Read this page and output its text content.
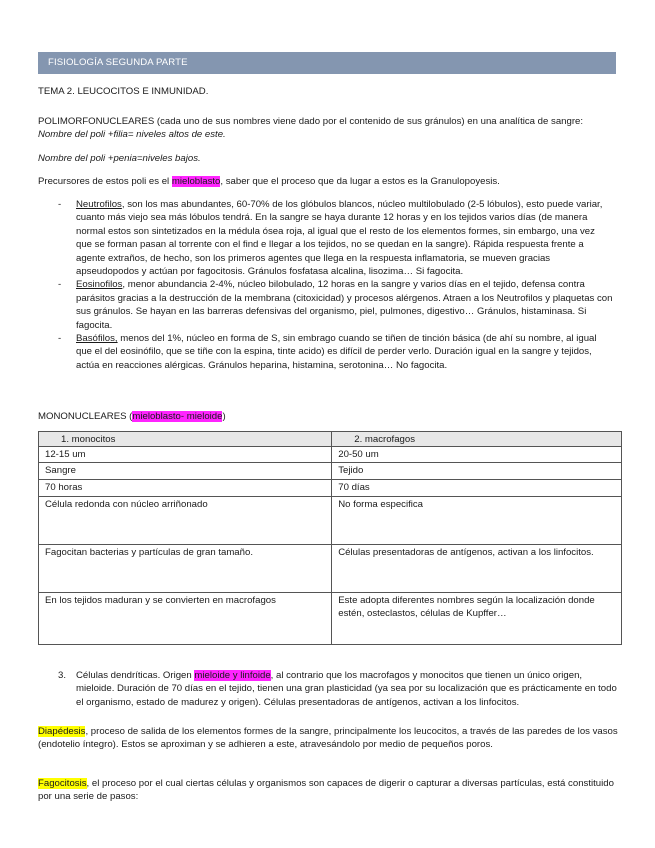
FISIOLOGÍA SEGUNDA PARTE
TEMA 2. LEUCOCITOS E INMUNIDAD.
POLIMORFONUCLEARES (cada uno de sus nombres viene dado por el contenido de sus gránulos) en una analítica de sangre:
Nombre del poli +filia= niveles altos de este.
Nombre del poli +penia=niveles bajos.
Precursores de estos poli es el mieloblasto, saber que el proceso que da lugar a estos es la Granulopoyesis.
- Neutrofilos, son los mas abundantes, 60-70% de los glóbulos blancos, núcleo multilobulado (2-5 lóbulos), esto puede variar, cuanto más viejo sea más lóbulos tendrá. En la sangre se haya durante 12 horas y en los tejidos varios días (de manera normal estos son sintetizados en la médula ósea roja, al igual que el resto de los elementos formes, sin embargo, una vez que se forman pasan al torrente con el find e llegar a los tejidos, no se quedan en la sangre). Rápida respuesta frente a agente extraños, de hecho, son los primeros agentes que llega en la respuesta inflamatoria, se mueven gracias apseudopodos y actúan por fagocitosis. Gránulos fosfatasa alcalina, lisozima… Si fagocita.
- Eosinofilos, menor abundancia 2-4%, núcleo bilobulado, 12 horas en la sangre y varios días en el tejido, defensa contra parásitos gracias a la destrucción de la membrana (citoxicidad) y procesos alérgenos. Atraen a los Neutrofilos y plaquetas con sus gránulos. Se hayan en las barreras defensivas del organismo, piel, pulmones, digestivo… Gránulos, histaminasa. Si fagocita.
- Basófilos, menos del 1%, núcleo en forma de S, sin embrago cuando se tiñen de tinción básica (de ahí su nombre, al igual que el del eosinófilo, que se tiñe con la espina, tinte acido) es difícil de perder verlo. Duración igual en la sangre y tejidos, actúa en reacciones alérgicas. Gránulos heparina, histamina, serotonina… No fagocita.
MONONUCLEARES (mieloblasto- mieloide)
1. monocitos	2. macrofagos
12-15 um	20-50 um
Sangre	Tejido
70 horas	70 días
Célula redonda con núcleo arriñonado	No forma especifica
Fagocitan bacterias y partículas de gran tamaño.	Células presentadoras de antígenos, activan a los linfocitos.
En los tejidos maduran y se convierten en macrofagos	Este adopta diferentes nombres según la localización donde estén, osteclastos, células de Kupffer…
3. Células dendríticas. Origen mieloide y linfoide, al contrario que los macrofagos y monocitos que tienen un único origen, mieloide. Duración de 70 días en el tejido, tienen una gran plasticidad (ya sea por su localización que es prácticamente en todo el organismo, estado de madurez y origen). Células presentadoras de antígenos, activan a los linfocitos.
Diapédesis, proceso de salida de los elementos formes de la sangre, principalmente los leucocitos, a través de las paredes de los vasos (endotelio íntegro). Estos se aproximan y se adhieren a este, atravesándolo por medio de pequeños poros.
Fagocitosis, el proceso por el cual ciertas células y organismos son capaces de digerir o capturar a diversas partículas, está constituido por una serie de pasos:
